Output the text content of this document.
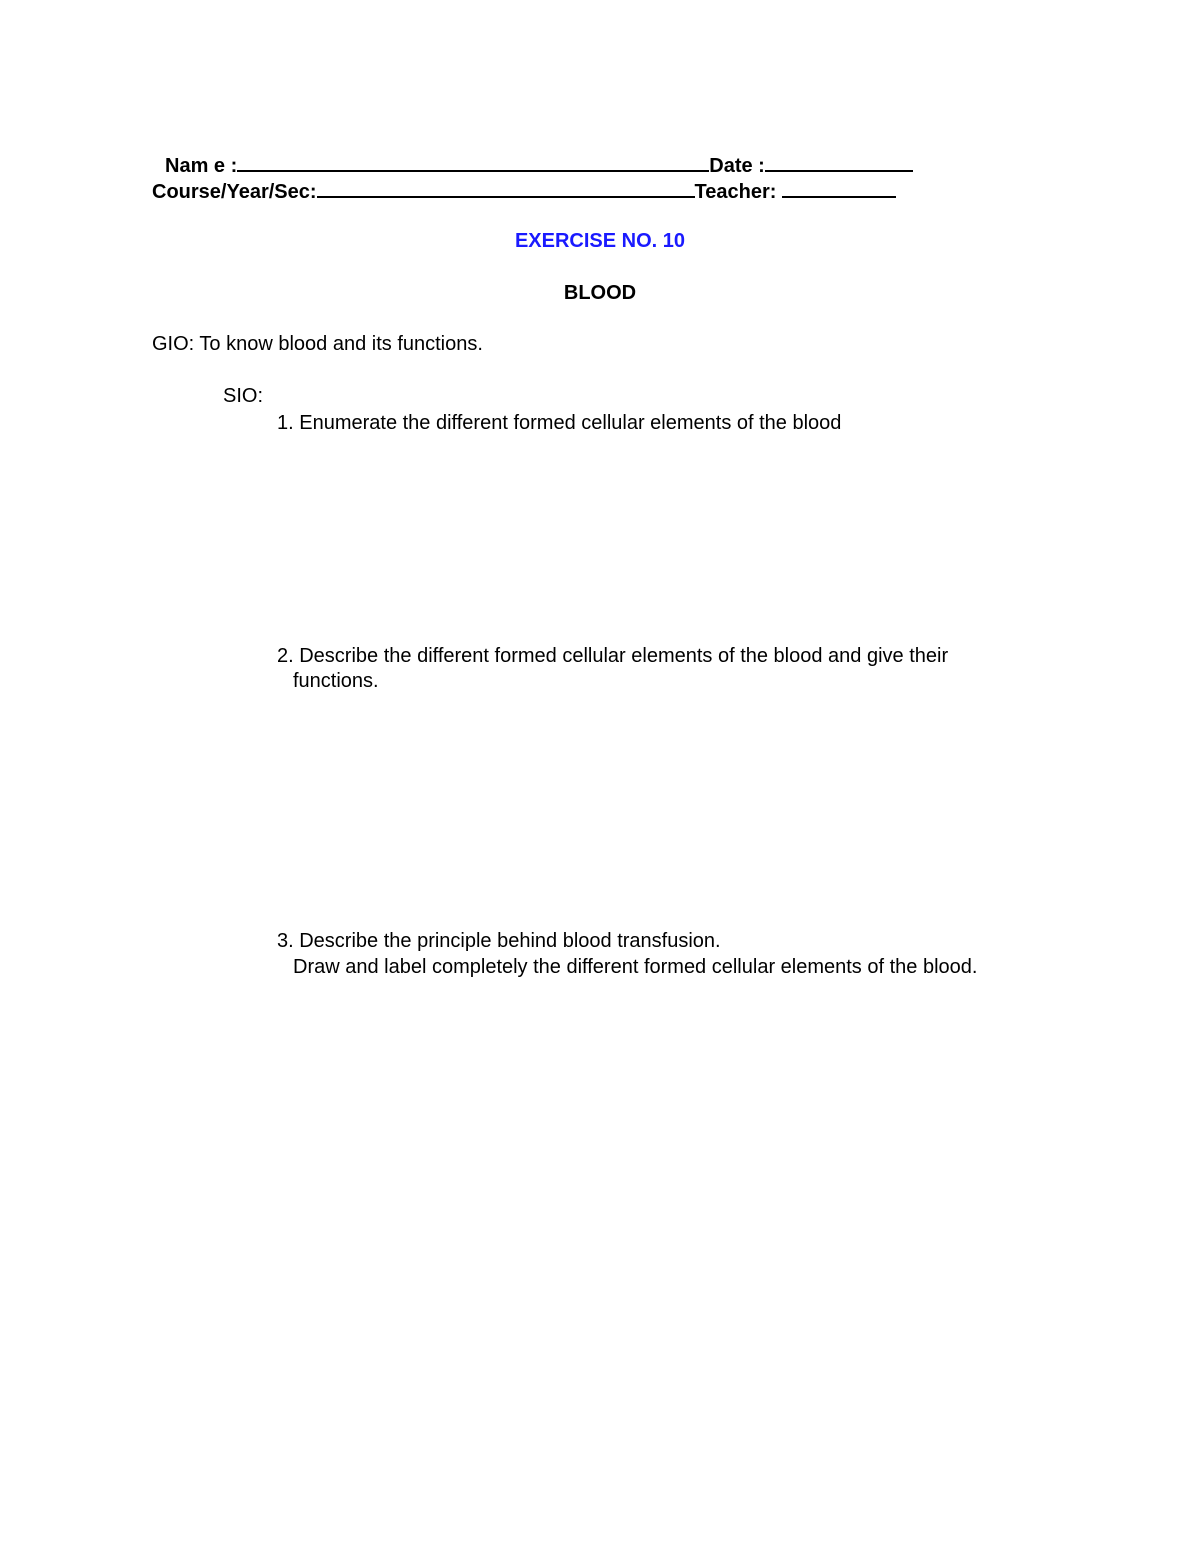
Nam e :	Date :
Course/Year/Sec:	Teacher:
EXERCISE NO. 10
BLOOD
GIO: To know blood and its functions.
SIO:
1. Enumerate the different formed cellular elements of the blood
2. Describe the different formed cellular elements of the blood and give their
functions.
3. Describe the principle behind blood transfusion.
Draw and label completely the different formed cellular elements of the blood.
